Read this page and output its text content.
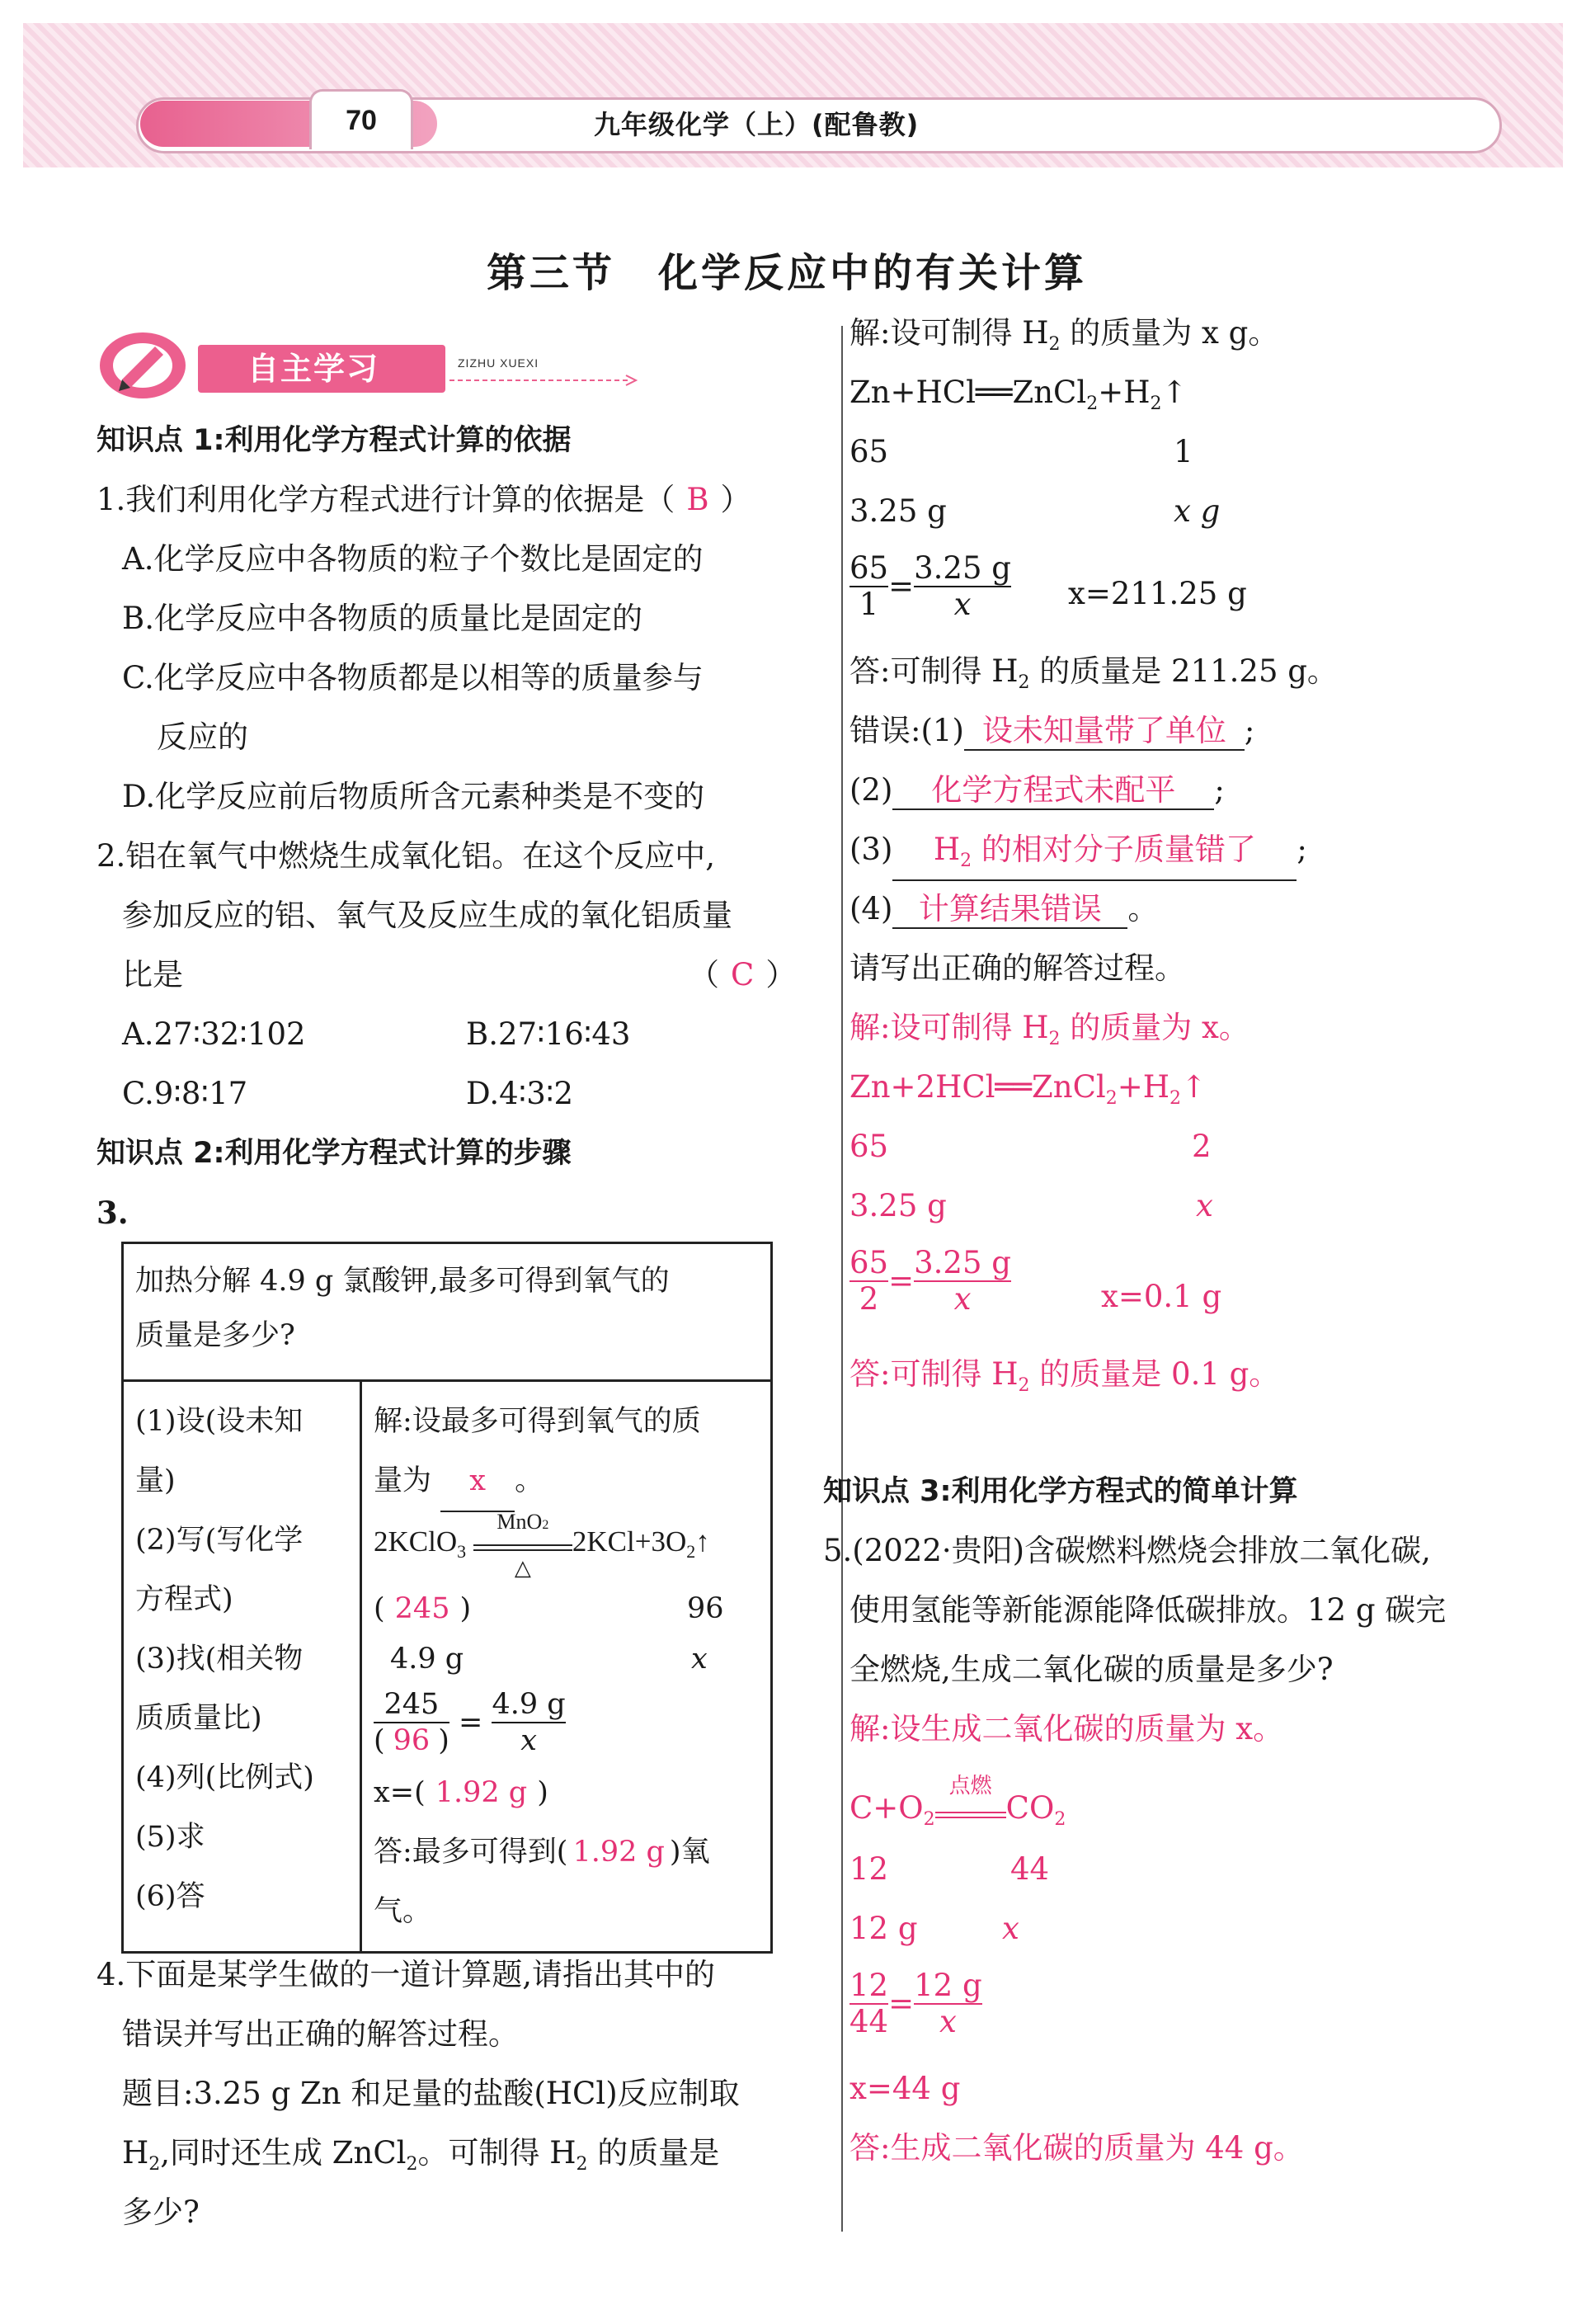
70	九年级化学（上）(配鲁教)
第三节　化学反应中的有关计算
自主学习	ZIZHU XUEXI
知识点 1:利用化学方程式计算的依据
1.我们利用化学方程式进行计算的依据是（ B ）
A.化学反应中各物质的粒子个数比是固定的
B.化学反应中各物质的质量比是固定的
C.化学反应中各物质都是以相等的质量参与
反应的
D.化学反应前后物质所含元素种类是不变的
2.铝在氧气中燃烧生成氧化铝。在这个反应中,
参加反应的铝、氧气及反应生成的氧化铝质量
比是	（ C ）
A.27∶32∶102	B.27∶16∶43
C.9∶8∶17	D.4∶3∶2
知识点 2:利用化学方程式计算的步骤
3.
加热分解 4.9 g 氯酸钾,最多可得到氧气的
质量是多少?

(1)设(设未知
量)
(2)写(写化学
方程式)
(3)找(相关物
质质量比)
(4)列(比例式)
(5)求
(6)答

解:设最多可得到氧气的质
量为 x 。
2KClO$_3$
MnO2
△
$2KCl+3O_2↑$
( 245 )	96
4.9 g	x
$\frac{245}{( 96 )} = \frac{4.9 g}{x}$
x=( 1.92 g )
答:最多可得到( 1.92 g )氧气。
4.下面是某学生做的一道计算题,请指出其中的
错误并写出正确的解答过程。
题目:3.25 g Zn 和足量的盐酸(HCl)反应制取
$H_2$,同时还生成 ZnCl$_2$。可制得 $H_2$ 的质量是
多少?
解:设可制得 $H_2$ 的质量为 x g。
$Zn+HCl══ZnCl_2+H_2↑$
65	1
3.25 g	x g
$\frac{65}{1} = \frac{3.25 g}{x} x=211.25$ g
答:可制得 $H_2$ 的质量是 211.25 g。
错误:(1) 设未知量带了单位 ;
(2) 化学方程式未配平 ;
(3) $H_2$ 的相对分子质量错了 ;
(4) 计算结果错误 。
请写出正确的解答过程。
解:设可制得 $H_2$ 的质量为 x。
$Zn+2HCl══ZnCl_2+H_2↑$
65	2
3.25 g	x
$\frac{65}{2} = \frac{3.25 g}{x}$	x=0.1 g
答:可制得 $H_2$ 的质量是 0.1 g。
知识点 3:利用化学方程式的简单计算
5.(2022·贵阳)含碳燃料燃烧会排放二氧化碳,
使用氢能等新能源能降低碳排放。12 g 碳完
全燃烧,生成二氧化碳的质量是多少?
解:设生成二氧化碳的质量为 x。
$C+O_2$
点燃
$CO_2$
12	44
12 g	x
$\frac{12}{44} = \frac{12 g}{x}$
x=44 g
答:生成二氧化碳的质量为 44 g。
